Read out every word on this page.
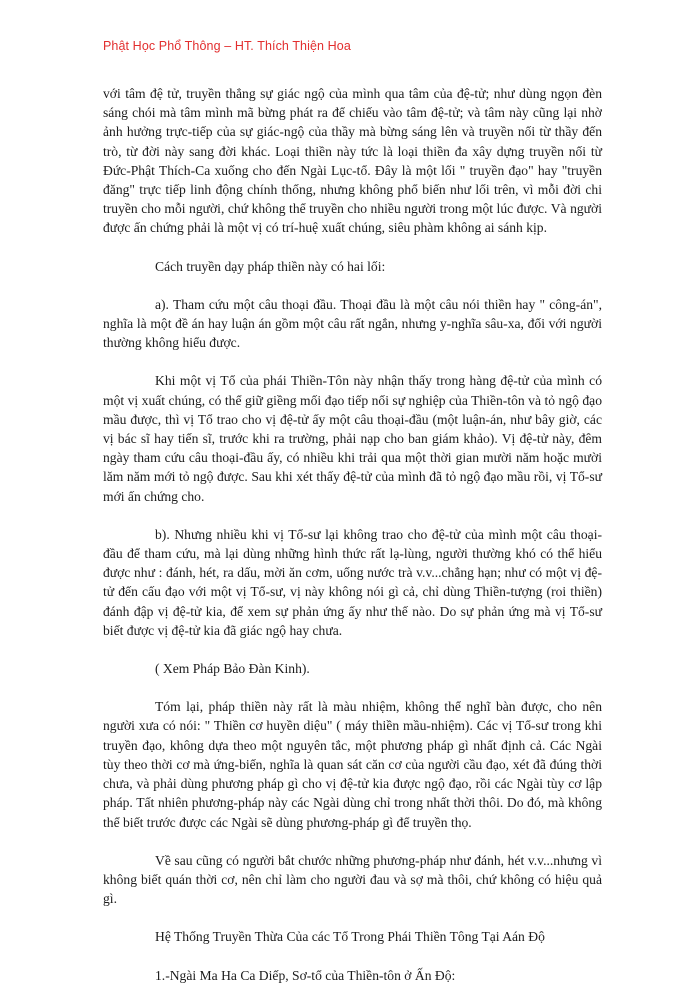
Phật Học Phổ Thông – HT. Thích Thiện Hoa

với tâm đệ tử, truyền thẳng sự giác ngộ của mình qua tâm của đệ-tử; như dùng ngọn đèn sáng chói mà tâm mình mã bừng phát ra để chiếu vào tâm đệ-tử; và tâm này cũng lại nhờ ảnh hưởng trực-tiếp của sự giác-ngộ của thầy mà bừng sáng lên và truyền nối từ thầy đến trò, từ đời này sang đời khác. Loại thiền này tức là loại thiền đa xây dựng truyền nối từ Đức-Phật Thích-Ca xuống cho đến Ngài Lục-tổ. Đây là một lối " truyền đạo" hay "truyền đăng" trực tiếp linh động chính thống, nhưng không phổ biến như lối trên, vì mỗi đời chi truyền cho mỗi người, chứ không thể truyền cho nhiều người trong một lúc được. Và người được ấn chứng phải là một vị có trí-huệ xuất chúng, siêu phàm không ai sánh kịp.

Cách truyền dạy pháp thiền này có hai lối:

a). Tham cứu một câu thoại đầu. Thoại đầu là một câu nói thiền hay " công-án", nghĩa là một đề án hay luận án gồm một câu rất ngắn, nhưng y-nghĩa sâu-xa, đối với người thường không hiểu được.

Khi một vị Tổ của phái Thiền-Tôn này nhận thấy trong hàng đệ-tử của mình có một vị xuất chúng, có thể giữ giềng mối đạo tiếp nối sự nghiệp của Thiền-tôn và tỏ ngộ đạo mầu được, thì vị Tổ trao cho vị đệ-tử ấy một câu thoại-đầu (một luận-án, như bây giờ, các vị bác sĩ hay tiến sĩ, trước khi ra trường, phải nạp cho ban giám khảo). Vị đệ-tử này, đêm ngày tham cứu câu thoại-đầu ấy, có nhiều khi trải qua một thời gian mười năm hoặc mười lăm năm mới tỏ ngộ được. Sau khi xét thấy đệ-tử của mình đã tỏ ngộ đạo mầu rồi, vị Tổ-sư mới ấn chứng cho.

b). Nhưng nhiều khi vị Tổ-sư lại không trao cho đệ-tử của mình một câu thoại-đầu để tham cứu, mà lại dùng những hình thức rất lạ-lùng, người thường khó có thể hiểu được như : đánh, hét, ra dấu, mời ăn cơm, uống nước trà v.v...chẳng hạn; như có một vị đệ-tử đến cấu đạo với một vị Tổ-sư, vị này không nói gì cả, chỉ dùng Thiền-tượng (roi thiền) đánh đập vị đệ-tử kia, để xem sự phản ứng ấy như thế nào. Do sự phản ứng mà vị Tổ-sư biết được vị đệ-tử kia đã giác ngộ hay chưa.

( Xem Pháp Bảo Đàn Kinh).

Tóm lại, pháp thiền này rất là màu nhiệm, không thể nghĩ bàn được, cho nên người xưa có nói: " Thiền cơ huyền diệu" ( máy thiền mầu-nhiệm). Các vị Tổ-sư trong khi truyền đạo, không dựa theo một nguyên tắc, một phương pháp gì nhất định cả. Các Ngài tùy theo thời cơ mà ứng-biến, nghĩa là quan sát căn cơ của người cầu đạo, xét đã đúng thời chưa, và phải dùng phương pháp gì cho vị đệ-tử kia được ngộ đạo, rồi các Ngài tùy cơ lập pháp. Tất nhiên phương-pháp này các Ngài dùng chỉ trong nhất thời thôi. Do đó, mà không thể biết trước được các Ngài sẽ dùng phương-pháp gì để truyền thọ.

Về sau cũng có người bắt chước những phương-pháp như đánh, hét v.v...nhưng vì không biết quán thời cơ, nên chỉ làm cho người đau và sợ mà thôi, chứ không có hiệu quả gì.

Hệ Thống Truyền Thừa Của các Tổ Trong Phái Thiền Tông Tại Aán Độ

1.-Ngài Ma Ha Ca Diếp, Sơ-tổ của Thiền-tôn ở Ấn Độ:
